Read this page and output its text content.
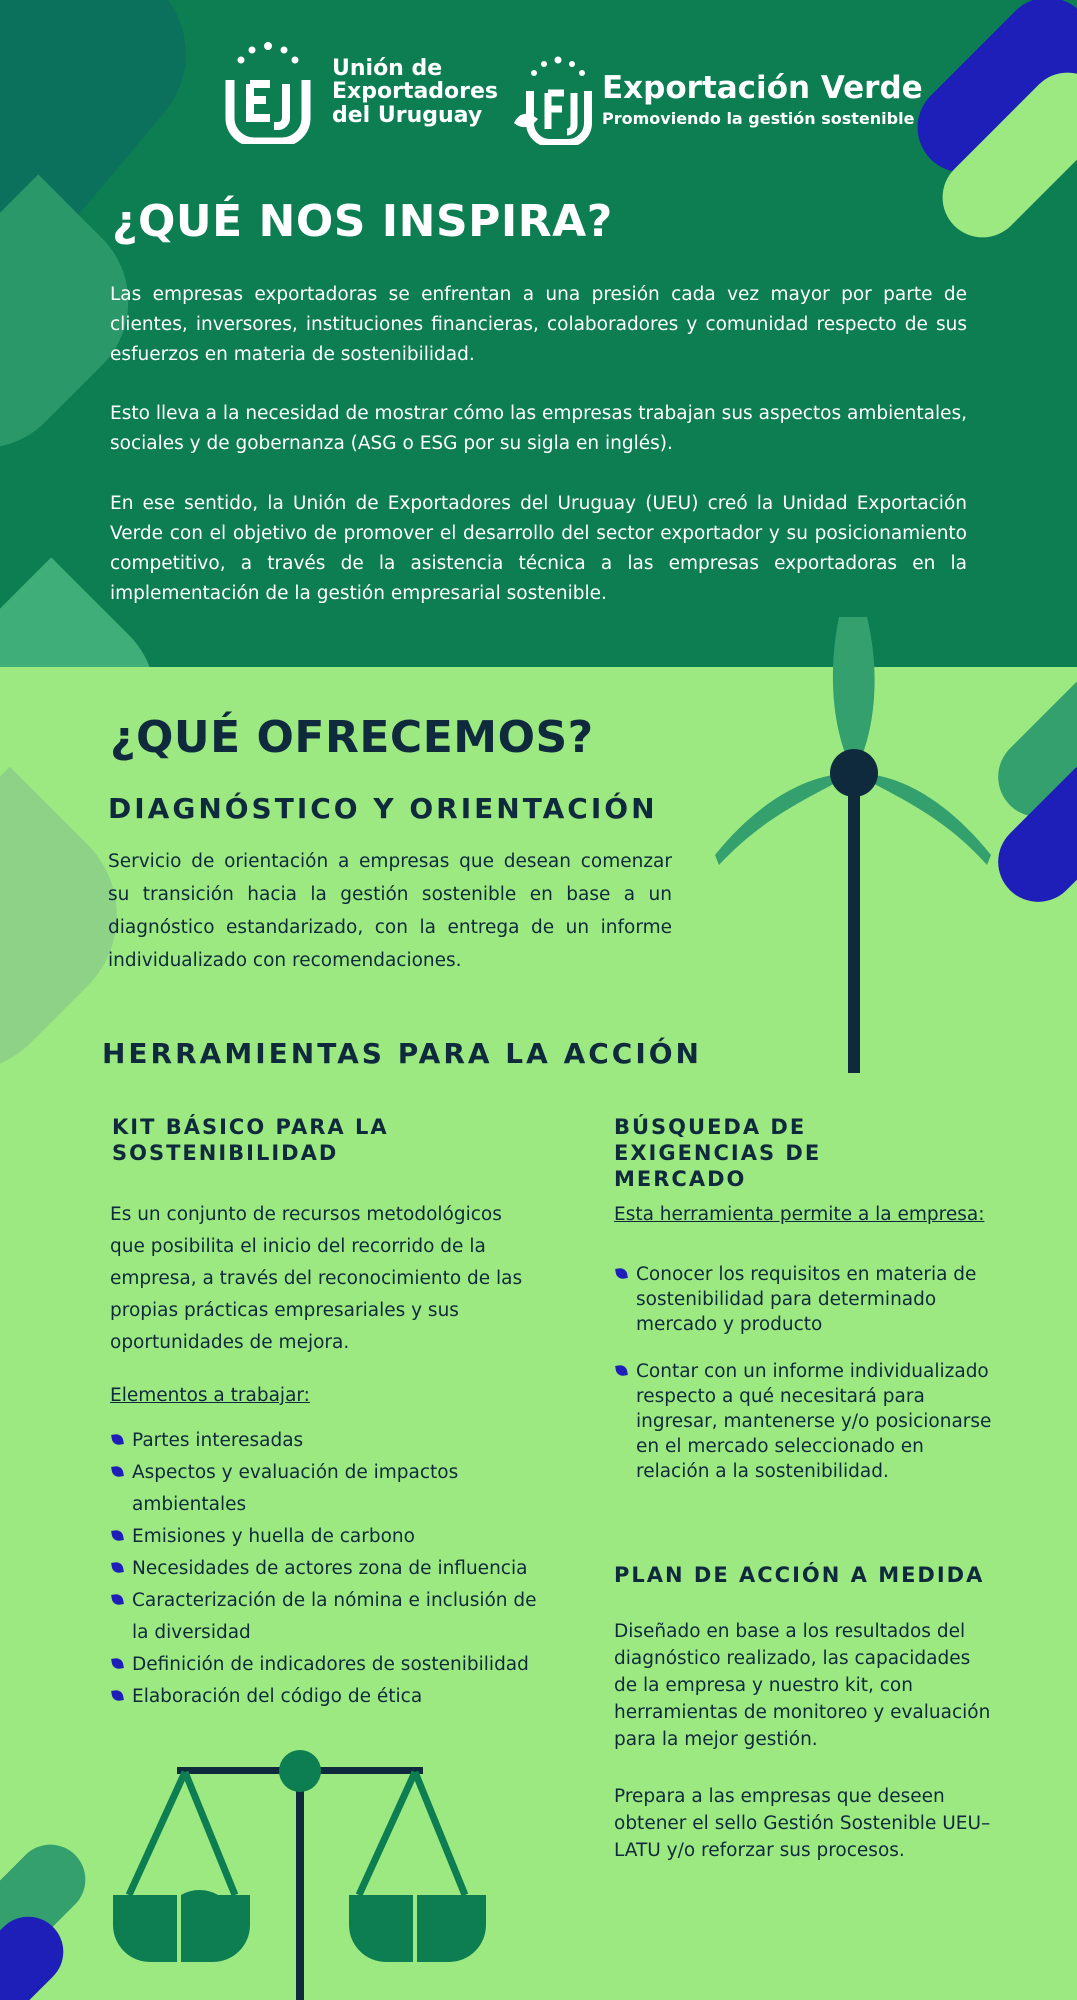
Unión de
Exportadores
del Uruguay
Exportación Verde
Promoviendo la gestión sostenible
¿QUÉ NOS INSPIRA?

Las empresas exportadoras se enfrentan a una presión cada vez mayor por parte de clientes, inversores, instituciones financieras, colaboradores y comunidad respecto de sus esfuerzos en materia de sostenibilidad.

Esto lleva a la necesidad de mostrar cómo las empresas trabajan sus aspectos ambientales, sociales y de gobernanza (ASG o ESG por su sigla en inglés).

En ese sentido, la Unión de Exportadores del Uruguay (UEU) creó la Unidad Exportación Verde con el objetivo de promover el desarrollo del sector exportador y su posicionamiento competitivo, a través de la asistencia técnica a las empresas exportadoras en la implementación de la gestión empresarial sostenible.

¿QUÉ OFRECEMOS?
DIAGNÓSTICO Y ORIENTACIÓN

Servicio de orientación a empresas que desean comenzar su transición hacia la gestión sostenible en base a un diagnóstico estandarizado, con la entrega de un informe individualizado con recomendaciones.

HERRAMIENTAS PARA LA ACCIÓN
KIT BÁSICO PARA LA SOSTENIBILIDAD

Es un conjunto de recursos metodológicos que posibilita el inicio del recorrido de la empresa, a través del reconocimiento de las propias prácticas empresariales y sus oportunidades de mejora.

Elementos a trabajar:

Partes interesadas
Aspectos y evaluación de impactos ambientales
Emisiones y huella de carbono
Necesidades de actores zona de influencia
Caracterización de la nómina e inclusión de la diversidad
Definición de indicadores de sostenibilidad
Elaboración del código de ética
BÚSQUEDA DE EXIGENCIAS DE MERCADO

Esta herramienta permite a la empresa:

Conocer los requisitos en materia de sostenibilidad para determinado mercado y producto
Contar con un informe individualizado respecto a qué necesitará para ingresar, mantenerse y/o posicionarse en el mercado seleccionado en relación a la sostenibilidad.
PLAN DE ACCIÓN A MEDIDA

Diseñado en base a los resultados del diagnóstico realizado, las capacidades de la empresa y nuestro kit, con herramientas de monitoreo y evaluación para la mejor gestión.

Prepara a las empresas que deseen obtener el sello Gestión Sostenible UEU–LATU y/o reforzar sus procesos.
